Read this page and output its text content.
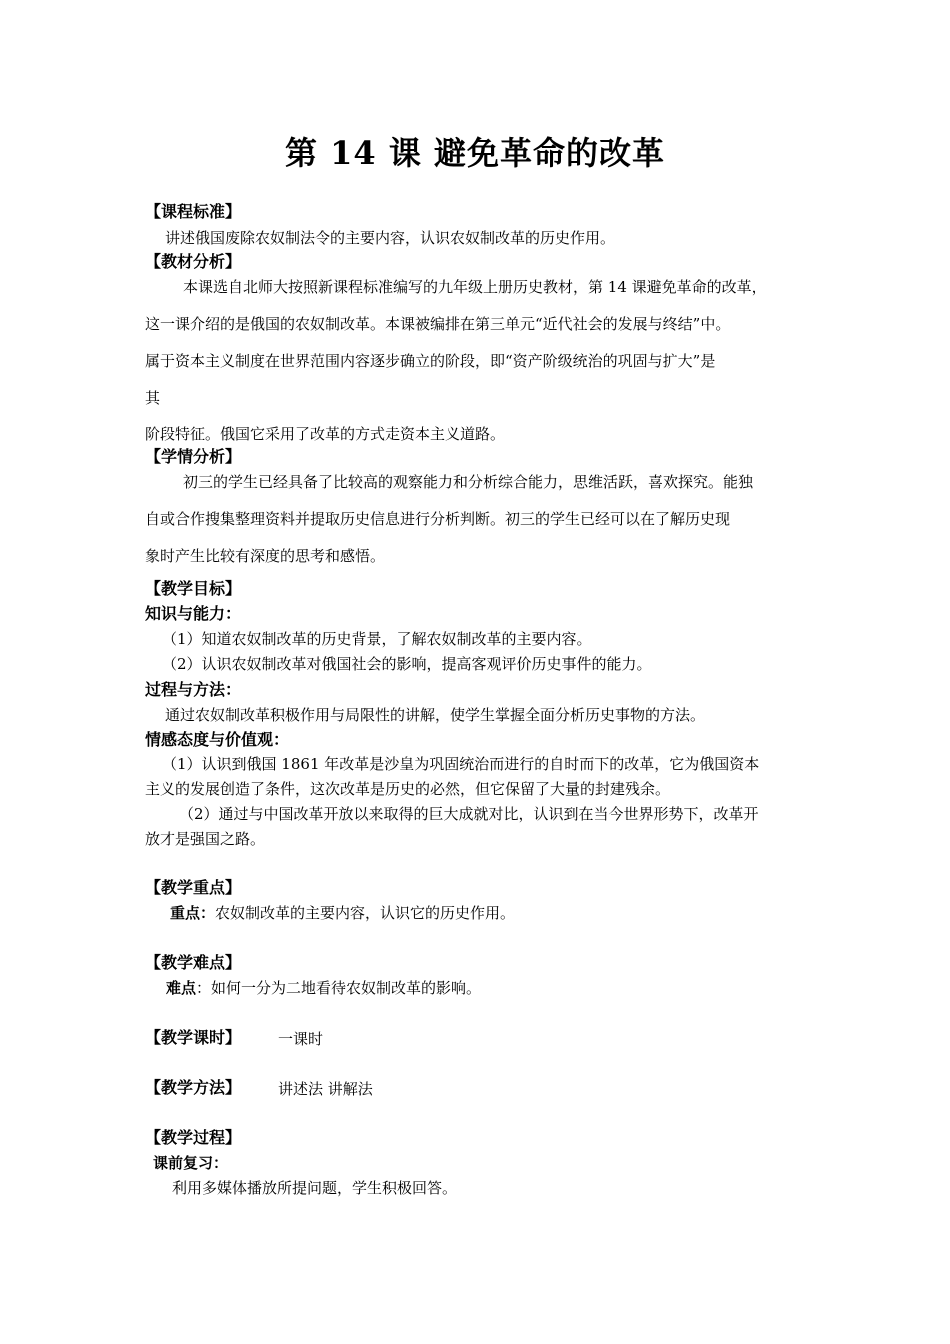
第 14 课 避免革命的改革
【课程标准】
讲述俄国废除农奴制法令的主要内容，认识农奴制改革的历史作用。
【教材分析】
本课选自北师大按照新课程标准编写的九年级上册历史教材，第 14 课避免革命的改革，
这一课介绍的是俄国的农奴制改革。本课被编排在第三单元“近代社会的发展与终结”中。
属于资本主义制度在世界范围内容逐步确立的阶段，即“资产阶级统治的巩固与扩大”是
其
阶段特征。俄国它采用了改革的方式走资本主义道路。
【学情分析】
初三的学生已经具备了比较高的观察能力和分析综合能力，思维活跃，喜欢探究。能独
自或合作搜集整理资料并提取历史信息进行分析判断。初三的学生已经可以在了解历史现
象时产生比较有深度的思考和感悟。
【教学目标】
知识与能力：
（1）知道农奴制改革的历史背景，了解农奴制改革的主要内容。
（2）认识农奴制改革对俄国社会的影响，提高客观评价历史事件的能力。
过程与方法：
通过农奴制改革积极作用与局限性的讲解，使学生掌握全面分析历史事物的方法。
情感态度与价值观：
（1）认识到俄国 1861 年改革是沙皇为巩固统治而进行的自时而下的改革，它为俄国资本
主义的发展创造了条件，这次改革是历史的必然，但它保留了大量的封建残余。
（2）通过与中国改革开放以来取得的巨大成就对比，认识到在当今世界形势下，改革开
放才是强国之路。
【教学重点】
重点：农奴制改革的主要内容，认识它的历史作用。
【教学难点】
难点：如何一分为二地看待农奴制改革的影响。
【教学课时】 一课时
【教学方法】 讲述法 讲解法
【教学过程】
课前复习：
利用多媒体播放所提问题，学生积极回答。
